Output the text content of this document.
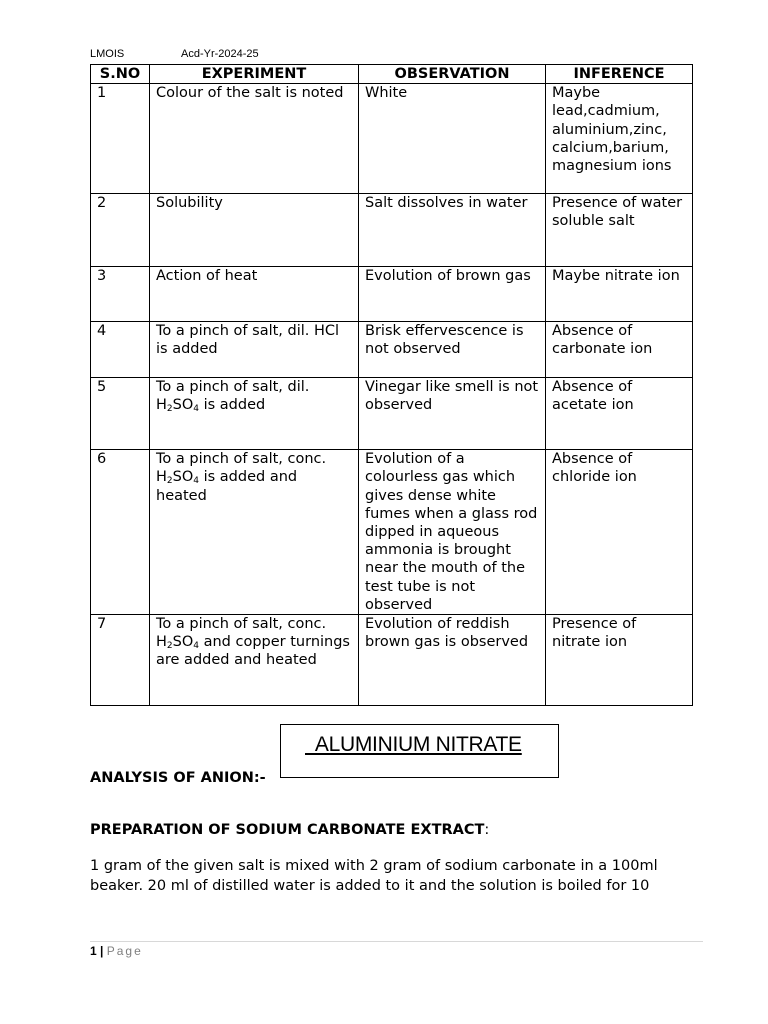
LMOIS	Acd-Yr-2024-25
S.NO	EXPERIMENT	OBSERVATION	INFERENCE
1	Colour of the salt is noted	White	Maybe lead,cadmium, aluminium,zinc, calcium,barium, magnesium ions
2	Solubility	Salt dissolves in water	Presence of water soluble salt
3	Action of heat	Evolution of brown gas	Maybe nitrate ion
4	To a pinch of salt, dil. HCl is added	Brisk effervescence is not observed	Absence of carbonate ion
5	To a pinch of salt, dil. $H_2SO_4$ is added	Vinegar like smell is not observed	Absence of acetate ion
6	To a pinch of salt, conc. $H_2SO_4$ is added and heated	Evolution of a colourless gas which gives dense white fumes when a glass rod dipped in aqueous ammonia is brought near the mouth of the test tube is not observed	Absence of chloride ion
7	To a pinch of salt, conc. $H_2SO_4$ and copper turnings are added and heated	Evolution of reddish brown gas is observed	Presence of nitrate ion
ALUMINIUM NITRATE
ANALYSIS OF ANION:-
PREPARATION OF SODIUM CARBONATE EXTRACT:
1 gram of the given salt is mixed with 2 gram of sodium carbonate in a 100ml beaker. 20 ml of distilled water is added to it and the solution is boiled for 10
1 | Page
